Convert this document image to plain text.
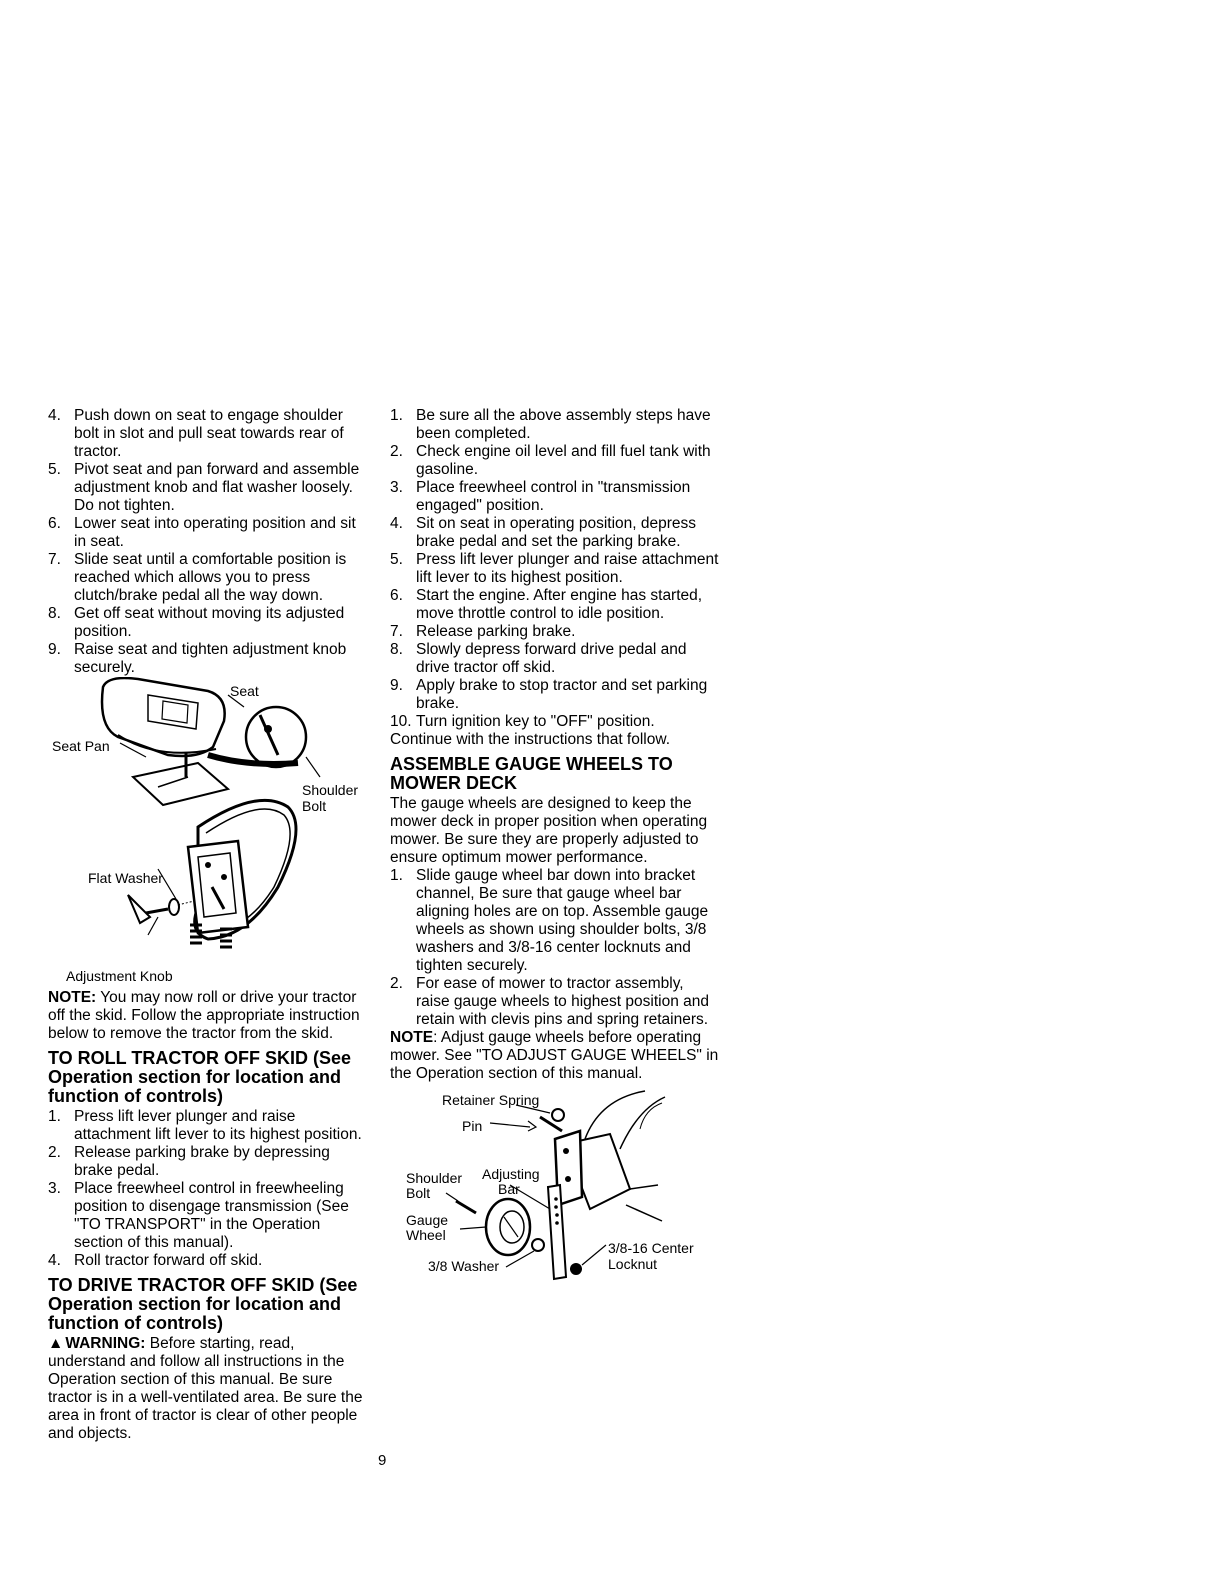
4. Push down on seat to engage shoulder bolt in slot and pull seat towards rear of tractor.
5. Pivot seat and pan forward and assemble adjustment knob and flat washer loosely. Do not tighten.
6. Lower seat into operating position and sit in seat.
7. Slide seat until a comfortable position is reached which allows you to press clutch/brake pedal all the way down.
8. Get off seat without moving its adjusted position.
9. Raise seat and tighten adjustment knob securely.
Seat
Seat Pan
Shoulder
Bolt
Flat Washer
Adjustment Knob

NOTE: You may now roll or drive your tractor off the skid. Follow the appropriate instruction below to remove the tractor from the skid.

TO ROLL TRACTOR OFF SKID (See Operation section for location and function of controls)
1. Press lift lever plunger and raise attachment lift lever to its highest position.
2. Release parking brake by depressing brake pedal.
3. Place freewheel control in freewheeling position to disengage transmission (See "TO TRANSPORT" in the Operation section of this manual).
4. Roll tractor forward off skid.
TO DRIVE TRACTOR OFF SKID (See Operation section for location and function of controls)

▲ WARNING: Before starting, read, understand and follow all instructions in the Operation section of this manual. Be sure tractor is in a well-ventilated area. Be sure the area in front of tractor is clear of other people and objects.

1. Be sure all the above assembly steps have been completed.
2. Check engine oil level and fill fuel tank with gasoline.
3. Place freewheel control in "transmission engaged" position.
4. Sit on seat in operating position, depress brake pedal and set the parking brake.
5. Press lift lever plunger and raise attachment lift lever to its highest position.
6. Start the engine. After engine has started, move throttle control to idle position.
7. Release parking brake.
8. Slowly depress forward drive pedal and drive tractor off skid.
9. Apply brake to stop tractor and set parking brake.
10. Turn ignition key to "OFF" position.

Continue with the instructions that follow.

ASSEMBLE GAUGE WHEELS TO MOWER DECK

The gauge wheels are designed to keep the mower deck in proper position when operating mower. Be sure they are properly adjusted to ensure optimum mower performance.

1. Slide gauge wheel bar down into bracket channel, Be sure that gauge wheel bar aligning holes are on top. Assemble gauge wheels as shown using shoulder bolts, 3/8 washers and 3/8-16 center locknuts and tighten securely.
2. For ease of mower to tractor assembly, raise gauge wheels to highest position and retain with clevis pins and spring retainers.

NOTE: Adjust gauge wheels before operating mower. See "TO ADJUST GAUGE WHEELS" in the Operation section of this manual.

Retainer Spring
Pin
Shoulder
Bolt
Adjusting
Bar
Gauge
Wheel
3/8 Washer
3/8-16 Center
Locknut
9
